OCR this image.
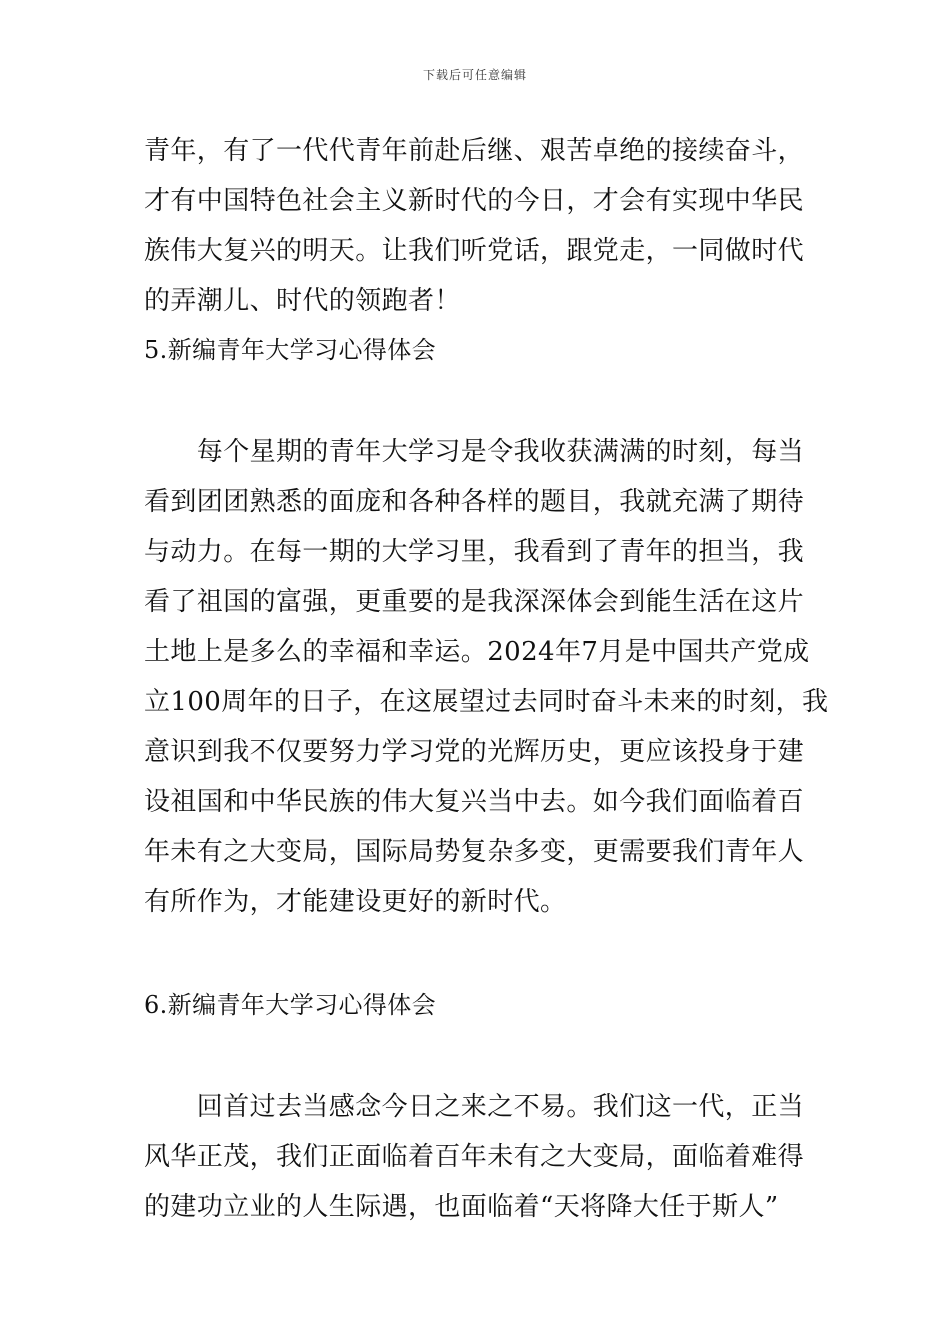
下载后可任意编辑
青年，有了一代代青年前赴后继、艰苦卓绝的接续奋斗，
才有中国特色社会主义新时代的今日，才会有实现中华民
族伟大复兴的明天。让我们听党话，跟党走，一同做时代
的弄潮儿、时代的领跑者！
5.新编青年大学习心得体会
　　每个星期的青年大学习是令我收获满满的时刻，每当
看到团团熟悉的面庞和各种各样的题目，我就充满了期待
与动力。在每一期的大学习里，我看到了青年的担当，我
看了祖国的富强，更重要的是我深深体会到能生活在这片
土地上是多么的幸福和幸运。2024年7月是中国共产党成
立100周年的日子，在这展望过去同时奋斗未来的时刻，我
意识到我不仅要努力学习党的光辉历史，更应该投身于建
设祖国和中华民族的伟大复兴当中去。如今我们面临着百
年未有之大变局，国际局势复杂多变，更需要我们青年人
有所作为，才能建设更好的新时代。
6.新编青年大学习心得体会
　　回首过去当感念今日之来之不易。我们这一代，正当
风华正茂，我们正面临着百年未有之大变局，面临着难得
的建功立业的人生际遇，也面临着“天将降大任于斯人”
